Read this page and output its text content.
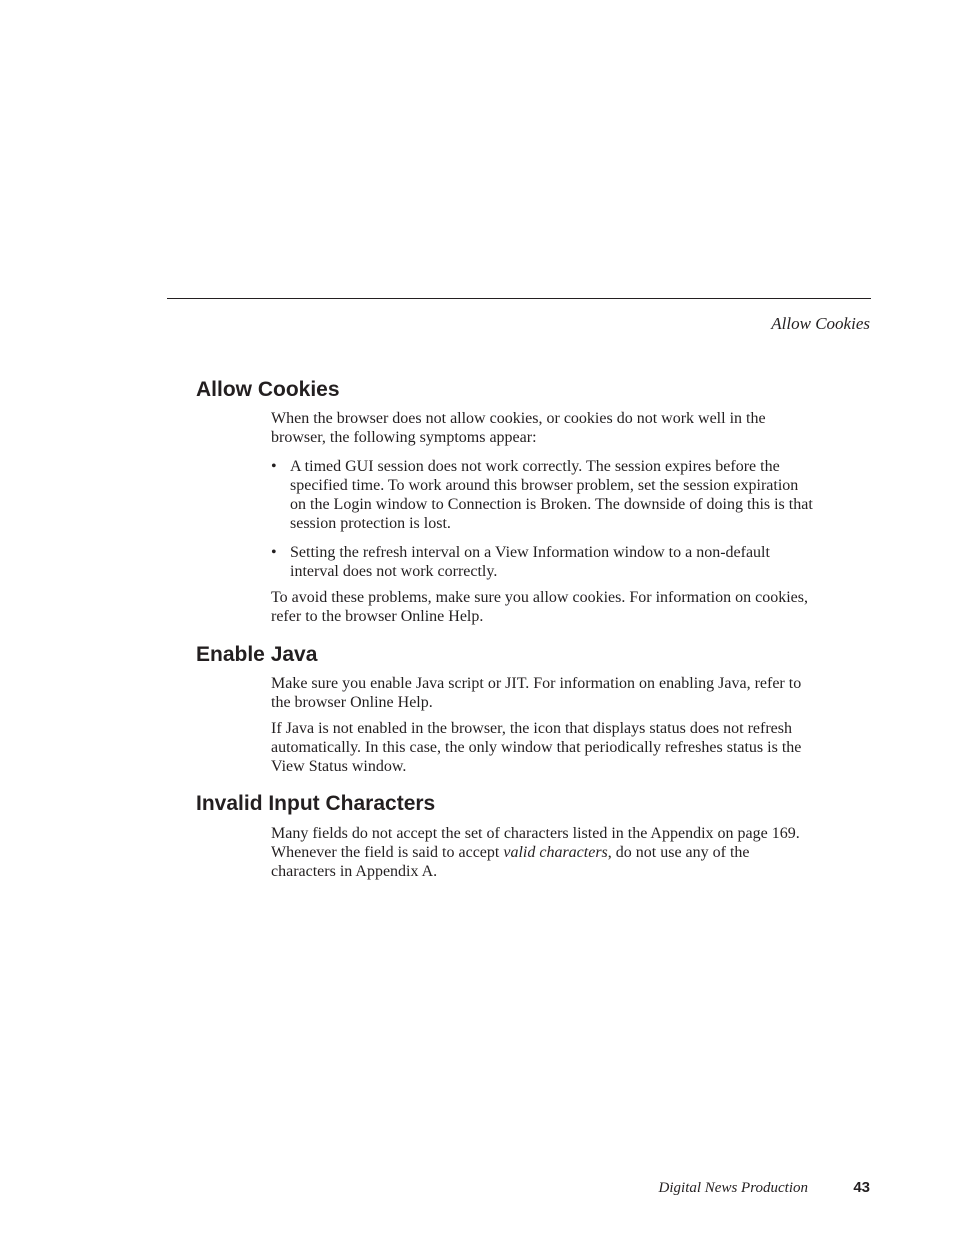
Allow Cookies
Allow Cookies

When the browser does not allow cookies, or cookies do not work well in the browser, the following symptoms appear:

• A timed GUI session does not work correctly. The session expires before the specified time. To work around this browser problem, set the session expiration on the Login window to Connection is Broken. The downside of doing this is that session protection is lost.
• Setting the refresh interval on a View Information window to a non-default interval does not work correctly.

To avoid these problems, make sure you allow cookies. For information on cookies, refer to the browser Online Help.

Enable Java

Make sure you enable Java script or JIT. For information on enabling Java, refer to the browser Online Help.

If Java is not enabled in the browser, the icon that displays status does not refresh automatically. In this case, the only window that periodically refreshes status is the View Status window.

Invalid Input Characters

Many fields do not accept the set of characters listed in the Appendix on page 169. Whenever the field is said to accept valid characters, do not use any of the characters in Appendix A.

Digital News Production	43
